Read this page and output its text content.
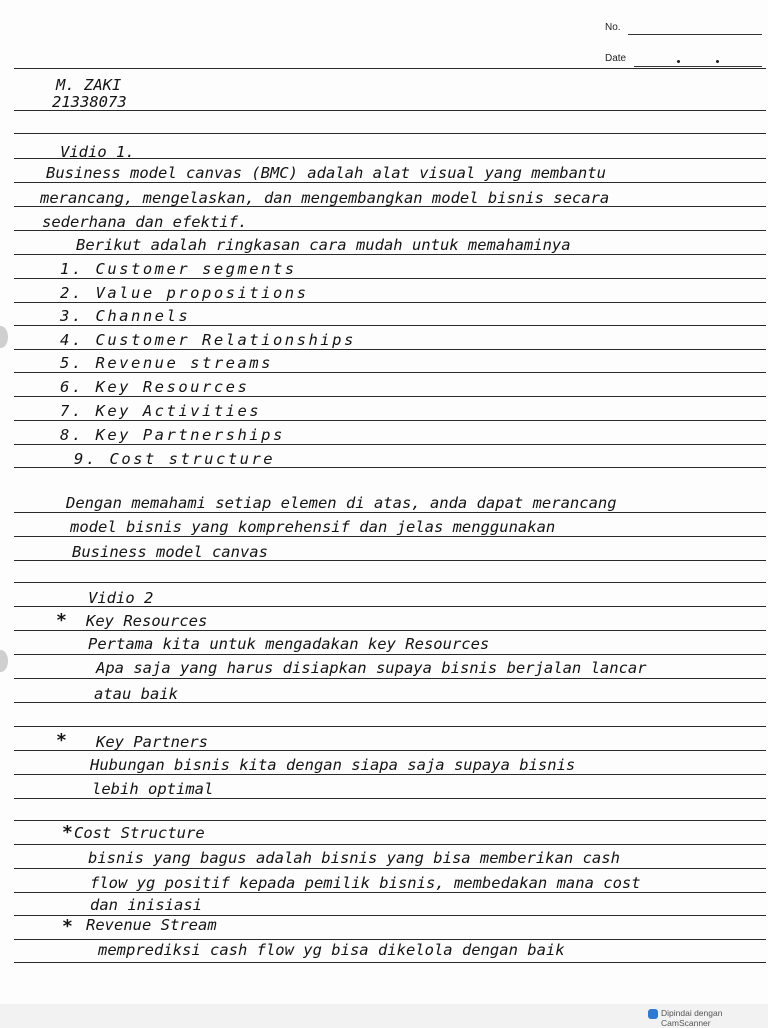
No.
Date
M. ZAKI
21338073
Vidio 1.
Business model canvas (BMC) adalah alat visual yang membantu
merancang, mengelaskan, dan mengembangkan model bisnis secara
sederhana dan efektif.
Berikut adalah ringkasan cara mudah untuk memahaminya
1. Customer segments
2. Value propositions
3. Channels
4. Customer Relationships
5. Revenue streams
6. Key Resources
7. Key Activities
8. Key Partnerships
9. Cost structure
Dengan memahami setiap elemen di atas, anda dapat merancang
model bisnis yang komprehensif dan jelas menggunakan
Business model canvas
Vidio 2
* Key Resources
Pertama kita untuk mengadakan key Resources
Apa saja yang harus disiapkan supaya bisnis berjalan lancar
atau baik
* Key Partners
Hubungan bisnis kita dengan siapa saja supaya bisnis
lebih optimal
* Cost Structure
bisnis yang bagus adalah bisnis yang bisa memberikan cash
flow yg positif kepada pemilik bisnis, membedakan mana cost
dan inisiasi
* Revenue Stream
memprediksi cash flow yg bisa dikelola dengan baik
Dipindai dengan CamScanner
